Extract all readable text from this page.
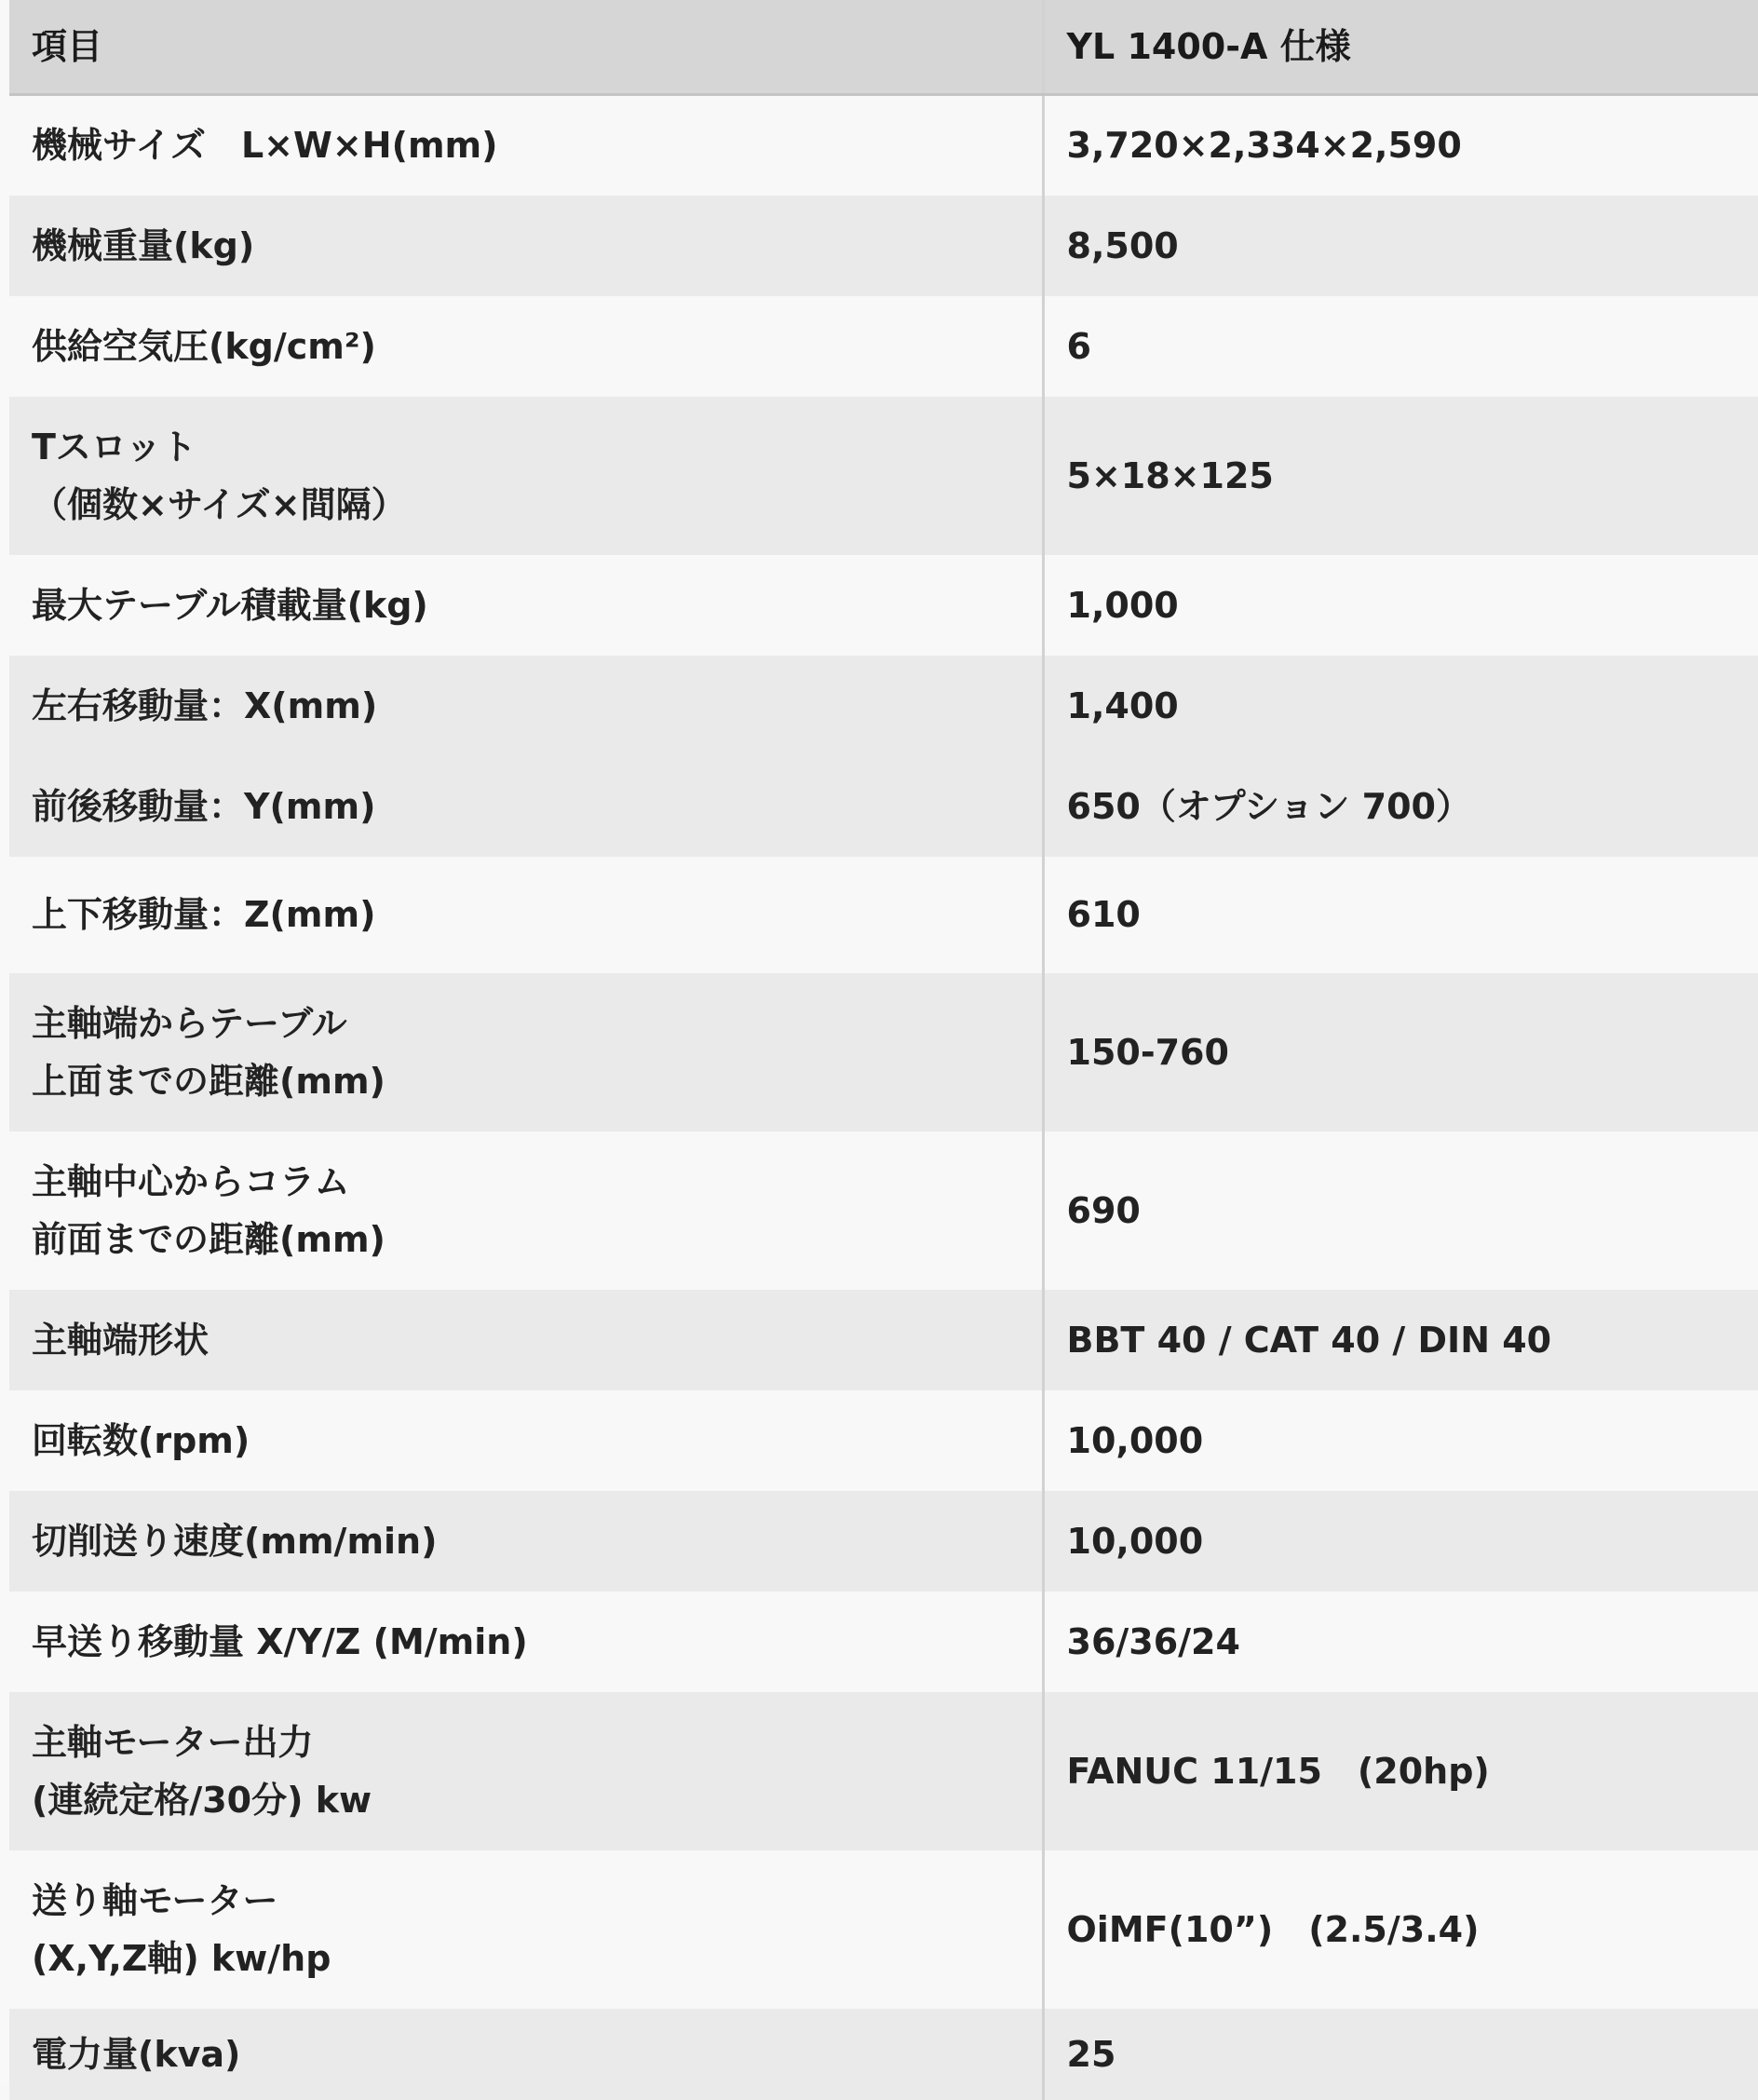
項目	YL 1400-A 仕様
機械サイズ　L×W×H(mm)	3,720×2,334×2,590
機械重量(kg)	8,500
供給空気圧(kg/cm²)	6
Tスロット
（個数×サイズ×間隔）	5×18×125
最大テーブル積載量(kg)	1,000
左右移動量：X(mm)	1,400
前後移動量：Y(mm)	650（オプション 700）
上下移動量：Z(mm)	610
主軸端からテーブル
上面までの距離(mm)	150-760
主軸中心からコラム
前面までの距離(mm)	690
主軸端形状	BBT 40 / CAT 40 / DIN 40
回転数(rpm)	10,000
切削送り速度(mm/min)	10,000
早送り移動量 X/Y/Z (M/min)	36/36/24
主軸モーター出力
(連続定格/30分) kw	FANUC 11/15　(20hp)
送り軸モーター
(X,Y,Z軸) kw/hp	OiMF(10”)　(2.5/3.4)
電力量(kva)	25
